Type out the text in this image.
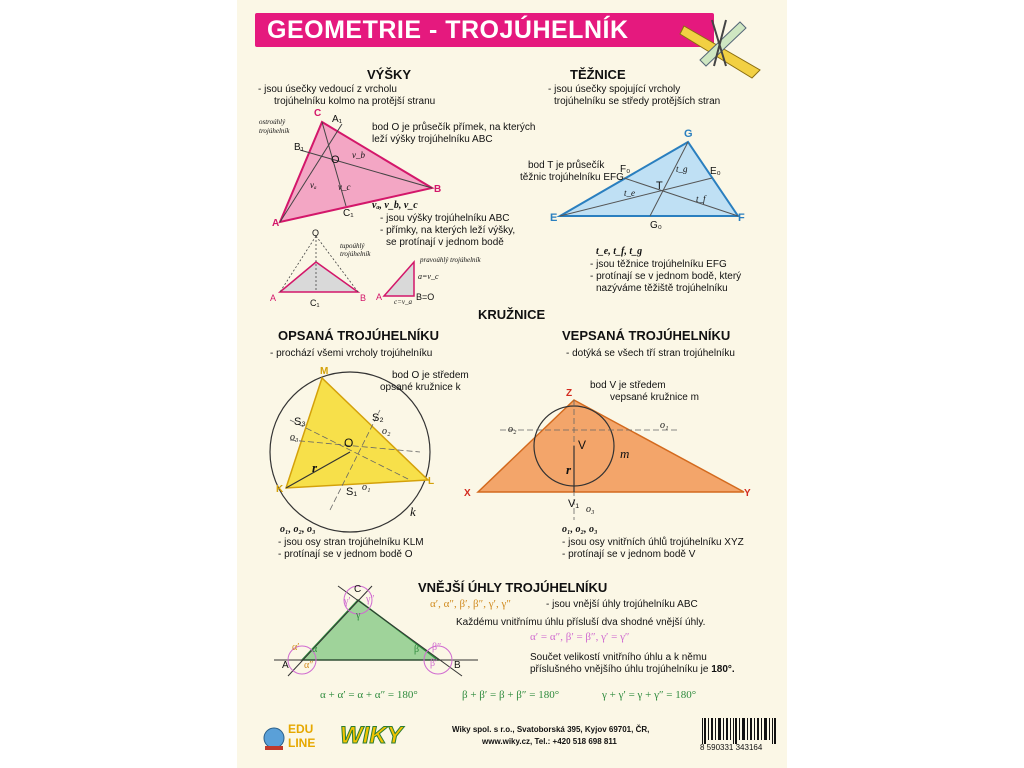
GEOMETRIE - TROJÚHELNÍK
VÝŠKY
- jsou úsečky vedoucí z vrcholu
trojúhelníku kolmo na protější stranu
ostroúhlý trojúhelník	bod O je průsečík přímek, na kterých
leží výšky trojúhelníku ABC
C
A₁
B₁
O v_b
vₐ v_c	B
A
C₁
vₐ, v_b, v_c
- jsou výšky trojúhelníku ABC
- přímky, na kterých leží výšky,
se protínají v jednom bodě
tupoúhlý trojúhelník
pravoúhlý trojúhelník
A	B
C₁
O
A	B=O
a=v_c
c=v_a
TĚŽNICE
- jsou úsečky spojující vrcholy
trojúhelníku se středy protějších stran
bod T je průsečík
těžnic trojúhelníku EFG
G
F₀	E₀
T
t_g
t_e
t_f
E	F
G₀
t_e, t_f, t_g
- jsou těžnice trojúhelníku EFG
- protínají se v jednom bodě, který
nazýváme těžiště trojúhelníku
KRUŽNICE
OPSANÁ TROJÚHELNÍKU
- prochází všemi vrcholy trojúhelníku
bod O je středem
opsané kružnice k
M
S₃
o₃
S₂
o₂
O
r
K
L
S₁ o₁
k
o₁, o₂, o₃
- jsou osy stran trojúhelníku KLM
- protínají se v jednom bodě O
VEPSANÁ TROJÚHELNÍKU
- dotýká se všech tří stran trojúhelníku
bod V je středem
vepsané kružnice m
Z
o₂	o₁
V
m
r
X	Y
V₁ o₃
o₁, o₂, o₃
- jsou osy vnitřních úhlů trojúhelníku XYZ
- protínají se v jednom bodě V
VNĚJŠÍ ÚHLY TROJÚHELNÍKU
α′, α″, β′, β″, γ′, γ″	- jsou vnější úhly trojúhelníku ABC
Každému vnitřnímu úhlu přísluší dva shodné vnější úhly.
α′ = α″, β′ = β″, γ′ = γ″
Součet velikostí vnitřního úhlu a k němu
příslušného vnějšího úhlu trojúhelníku je 180°.
C
γ′ γ″
γ
α′ α
α″
A
β β″
β′ B
α + α′ = α + α″ = 180°	β + β′ = β + β″ = 180°	γ + γ′ = γ + γ″ = 180°
EDU
LINE WIKY	Wiky spol. s r.o., Svatoborská 395, Kyjov 69701, ČR,
www.wiky.cz, Tel.: +420 518 698 811
8 590331 343164
